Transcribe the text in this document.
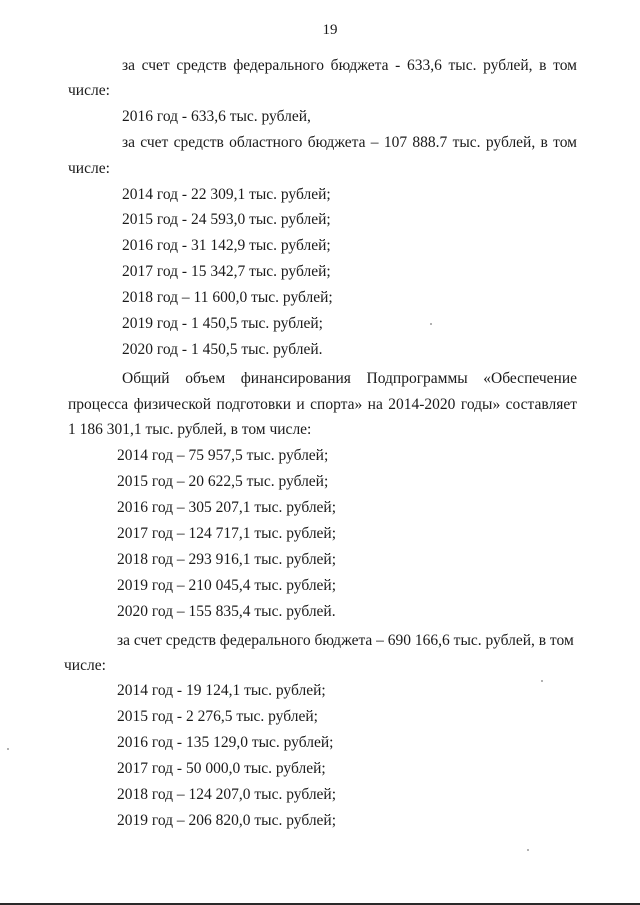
19
за счет средств федерального бюджета - 633,6 тыс. рублей, в том
числе:
2016 год - 633,6 тыс. рублей,
за счет средств областного бюджета – 107 888.7 тыс. рублей, в том
числе:
2014 год - 22 309,1 тыс. рублей;
2015 год - 24 593,0 тыс. рублей;
2016 год - 31 142,9 тыс. рублей;
2017 год - 15 342,7 тыс. рублей;
2018 год – 11 600,0 тыс. рублей;
2019 год - 1 450,5 тыс. рублей;
2020 год - 1 450,5 тыс. рублей.
Общий объем финансирования Подпрограммы «Обеспечение
процесса физической подготовки и спорта» на 2014-2020 годы» составляет
1 186 301,1 тыс. рублей, в том числе:
2014 год – 75 957,5 тыс. рублей;
2015 год – 20 622,5 тыс. рублей;
2016 год – 305 207,1 тыс. рублей;
2017 год – 124 717,1 тыс. рублей;
2018 год – 293 916,1 тыс. рублей;
2019 год – 210 045,4 тыс. рублей;
2020 год – 155 835,4 тыс. рублей.
за счет средств федерального бюджета – 690 166,6 тыс. рублей, в том
числе:
2014 год - 19 124,1 тыс. рублей;
2015 год - 2 276,5 тыс. рублей;
2016 год - 135 129,0 тыс. рублей;
2017 год - 50 000,0 тыс. рублей;
2018 год – 124 207,0 тыс. рублей;
2019 год – 206 820,0 тыс. рублей;
